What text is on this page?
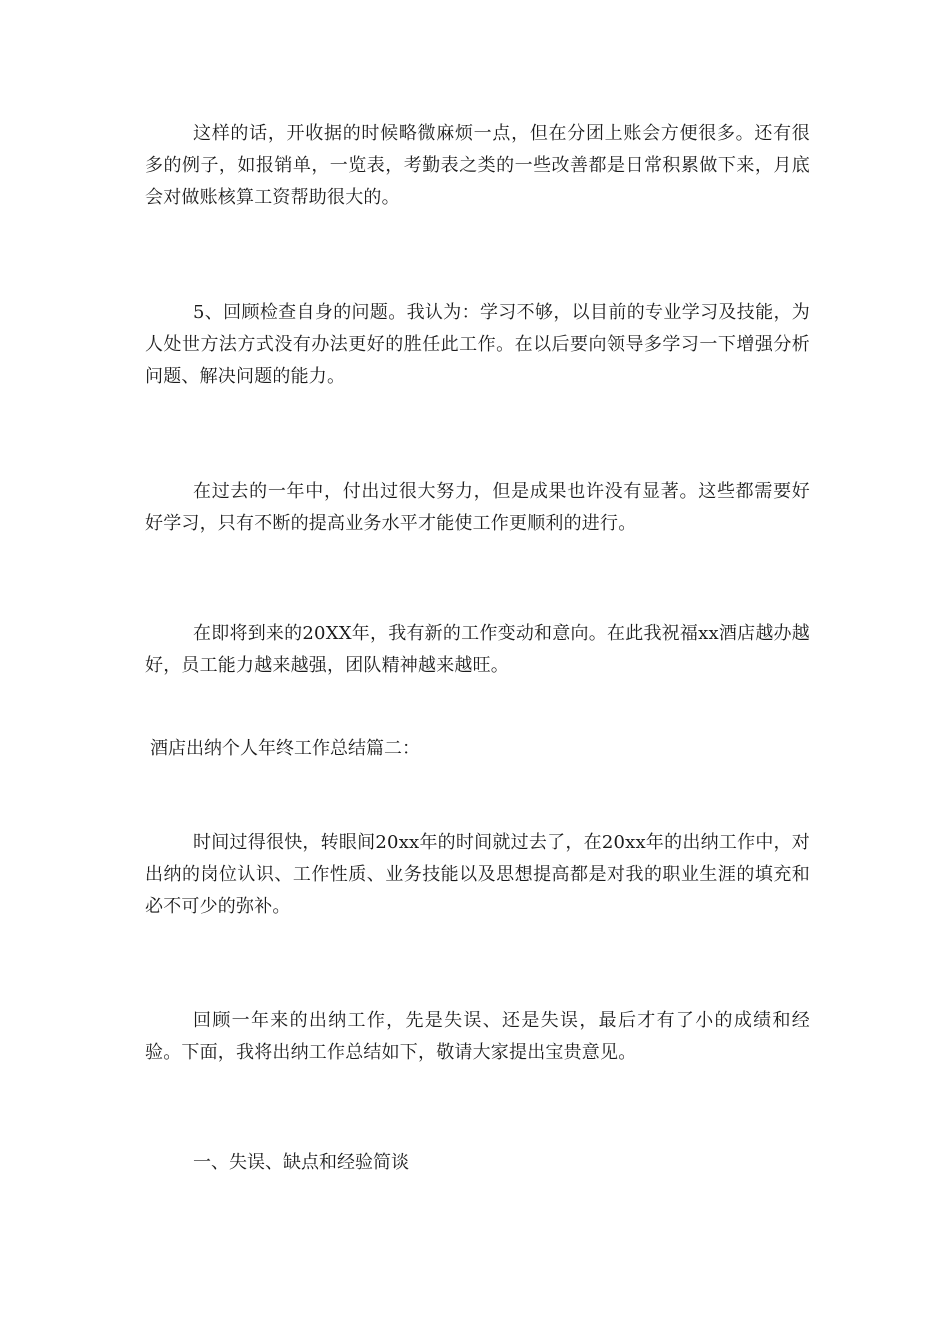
这样的话，开收据的时候略微麻烦一点，但在分团上账会方便很多。还有很多的例子，如报销单，一览表，考勤表之类的一些改善都是日常积累做下来，月底会对做账核算工资帮助很大的。

5、回顾检查自身的问题。我认为：学习不够，以目前的专业学习及技能，为人处世方法方式没有办法更好的胜任此工作。在以后要向领导多学习一下增强分析问题、解决问题的能力。

在过去的一年中，付出过很大努力，但是成果也许没有显著。这些都需要好好学习，只有不断的提高业务水平才能使工作更顺利的进行。

在即将到来的20XX年，我有新的工作变动和意向。在此我祝福xx酒店越办越好，员工能力越来越强，团队精神越来越旺。

酒店出纳个人年终工作总结篇二：

时间过得很快，转眼间20xx年的时间就过去了，在20xx年的出纳工作中，对出纳的岗位认识、工作性质、业务技能以及思想提高都是对我的职业生涯的填充和必不可少的弥补。

回顾一年来的出纳工作，先是失误、还是失误，最后才有了小的成绩和经验。下面，我将出纳工作总结如下，敬请大家提出宝贵意见。

一、失误、缺点和经验简谈
